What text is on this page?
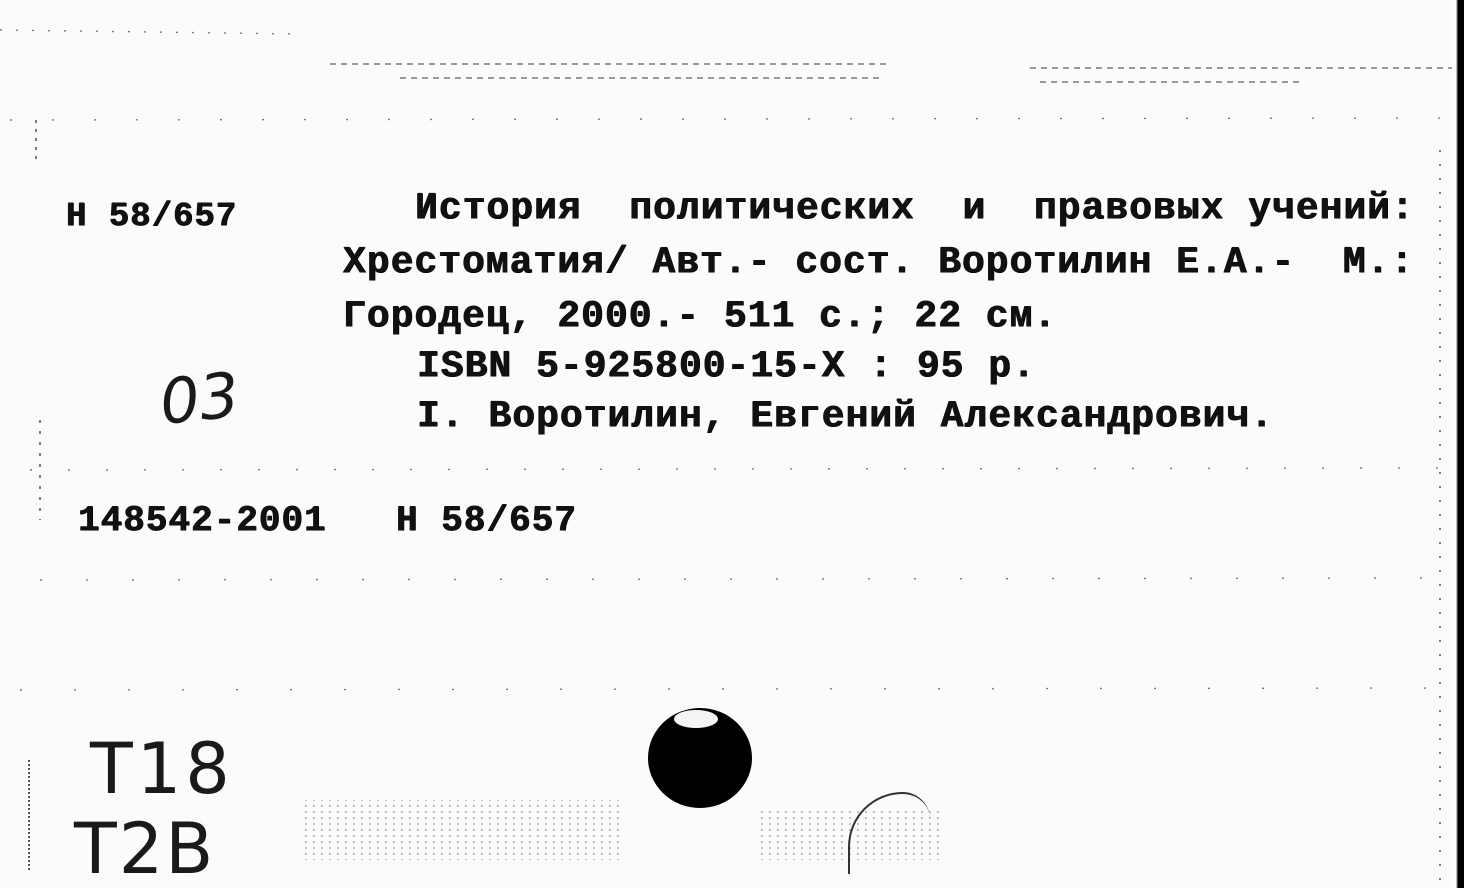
Н 58/657	История  политических  и  правовых учений:
Хрестоматия/ Авт.- сост. Воротилин Е.А.-  М.:
Городец, 2000.- 511 с.; 22 см.
ISBN 5-925800-15-X : 95 р.
I. Воротилин, Евгений Александрович.
03
148542-2001 Н 58/657
Т18
Т2В
